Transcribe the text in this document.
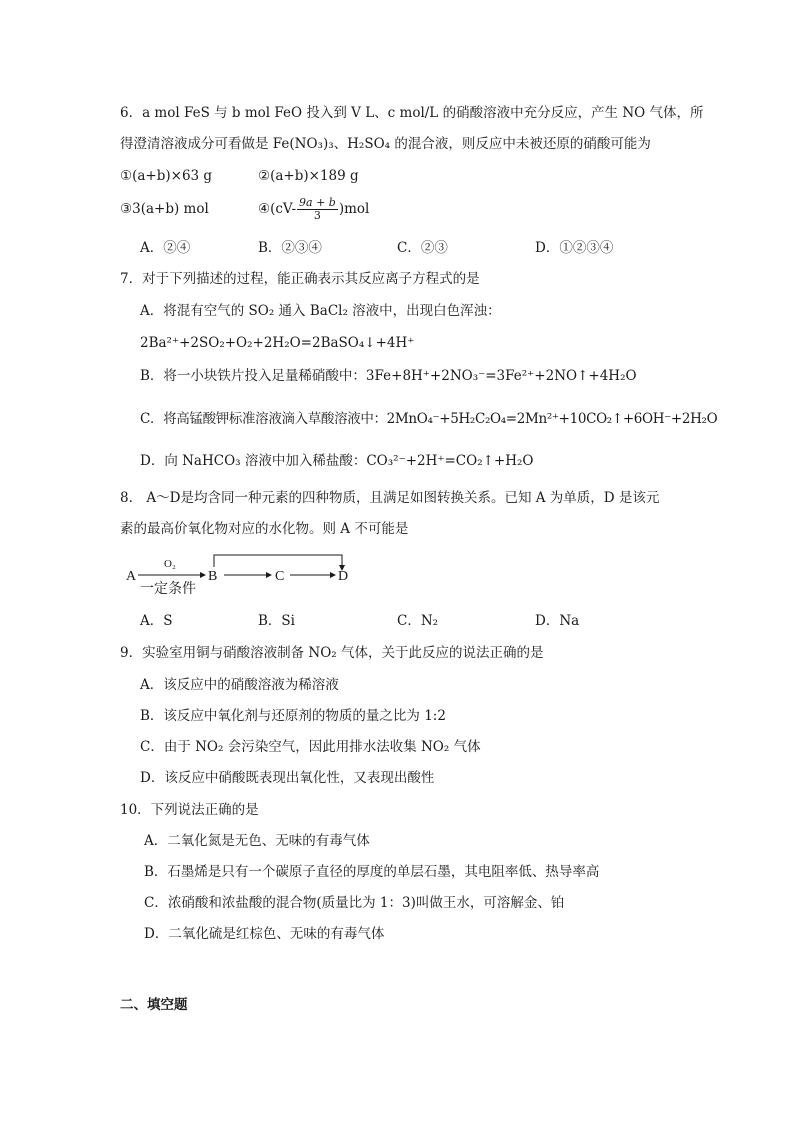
6．a mol FeS 与 b mol FeO 投入到 V L、c mol/L 的硝酸溶液中充分反应，产生 NO 气体，所
得澄清溶液成分可看做是 Fe(NO₃)₃、H₂SO₄ 的混合液，则反应中未被还原的硝酸可能为
①(a+b)×63 g	②(a+b)×189 g
③3(a+b) mol	④(cV- $\frac{9a + b}{3} )mol$
A．②④	B．②③④	C．②③	D．①②③④
7．对于下列描述的过程，能正确表示其反应离子方程式的是
A．将混有空气的 SO₂ 通入 BaCl₂ 溶液中，出现白色浑浊：
2Ba²⁺+2SO₂+O₂+2H₂O=2BaSO₄↓+4H⁺
B．将一小块铁片投入足量稀硝酸中：3Fe+8H⁺+2NO₃⁻=3Fe²⁺+2NO↑+4H₂O
C．将高锰酸钾标准溶液滴入草酸溶液中：2MnO₄⁻+5H₂C₂O₄=2Mn²⁺+10CO₂↑+6OH⁻+2H₂O
D．向 NaHCO₃ 溶液中加入稀盐酸：CO₃²⁻+2H⁺=CO₂↑+H₂O
8． A～D是均含同一种元素的四种物质，且满足如图转换关系。已知 A 为单质，D 是该元
素的最高价氧化物对应的水化物。则 A 不可能是
A	B	C	D
O₂
一定条件
A．S	B．Si	C．N₂	D．Na
9．实验室用铜与硝酸溶液制备 NO₂ 气体，关于此反应的说法正确的是
A．该反应中的硝酸溶液为稀溶液
B．该反应中氧化剂与还原剂的物质的量之比为 1:2
C．由于 NO₂ 会污染空气，因此用排水法收集 NO₂ 气体
D．该反应中硝酸既表现出氧化性，又表现出酸性
10．下列说法正确的是
A．二氧化氮是无色、无味的有毒气体
B．石墨烯是只有一个碳原子直径的厚度的单层石墨，其电阻率低、热导率高
C．浓硝酸和浓盐酸的混合物(质量比为 1：3)叫做王水，可溶解金、铂
D．二氧化硫是红棕色、无味的有毒气体
二、填空题
